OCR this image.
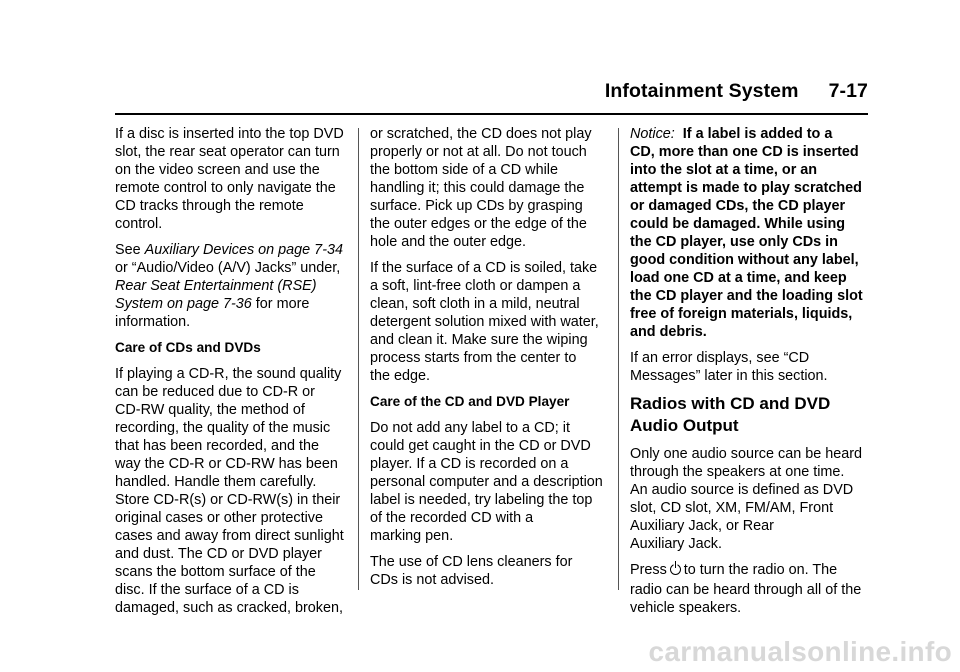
Infotainment System 7-17

If a disc is inserted into the top DVD
slot, the rear seat operator can turn
on the video screen and use the
remote control to only navigate the
CD tracks through the remote
control.

See Auxiliary Devices on page 7-34
or “Audio/Video (A/V) Jacks” under,
Rear Seat Entertainment (RSE)
System on page 7-36 for more
information.

Care of CDs and DVDs

If playing a CD-R, the sound quality
can be reduced due to CD-R or
CD-RW quality, the method of
recording, the quality of the music
that has been recorded, and the
way the CD-R or CD-RW has been
handled. Handle them carefully.
Store CD-R(s) or CD-RW(s) in their
original cases or other protective
cases and away from direct sunlight
and dust. The CD or DVD player
scans the bottom surface of the
disc. If the surface of a CD is
damaged, such as cracked, broken,

or scratched, the CD does not play
properly or not at all. Do not touch
the bottom side of a CD while
handling it; this could damage the
surface. Pick up CDs by grasping
the outer edges or the edge of the
hole and the outer edge.

If the surface of a CD is soiled, take
a soft, lint-free cloth or dampen a
clean, soft cloth in a mild, neutral
detergent solution mixed with water,
and clean it. Make sure the wiping
process starts from the center to
the edge.

Care of the CD and DVD Player

Do not add any label to a CD; it
could get caught in the CD or DVD
player. If a CD is recorded on a
personal computer and a description
label is needed, try labeling the top
of the recorded CD with a
marking pen.

The use of CD lens cleaners for
CDs is not advised.

Notice: If a label is added to a
CD, more than one CD is inserted
into the slot at a time, or an
attempt is made to play scratched
or damaged CDs, the CD player
could be damaged. While using
the CD player, use only CDs in
good condition without any label,
load one CD at a time, and keep
the CD player and the loading slot
free of foreign materials, liquids,
and debris.

If an error displays, see “CD
Messages” later in this section.

Radios with CD and DVD
Audio Output

Only one audio source can be heard
through the speakers at one time.
An audio source is defined as DVD
slot, CD slot, XM, FM/AM, Front
Auxiliary Jack, or Rear
Auxiliary Jack.

Press to turn the radio on. The
radio can be heard through all of the
vehicle speakers.

carmanualsonline.info
